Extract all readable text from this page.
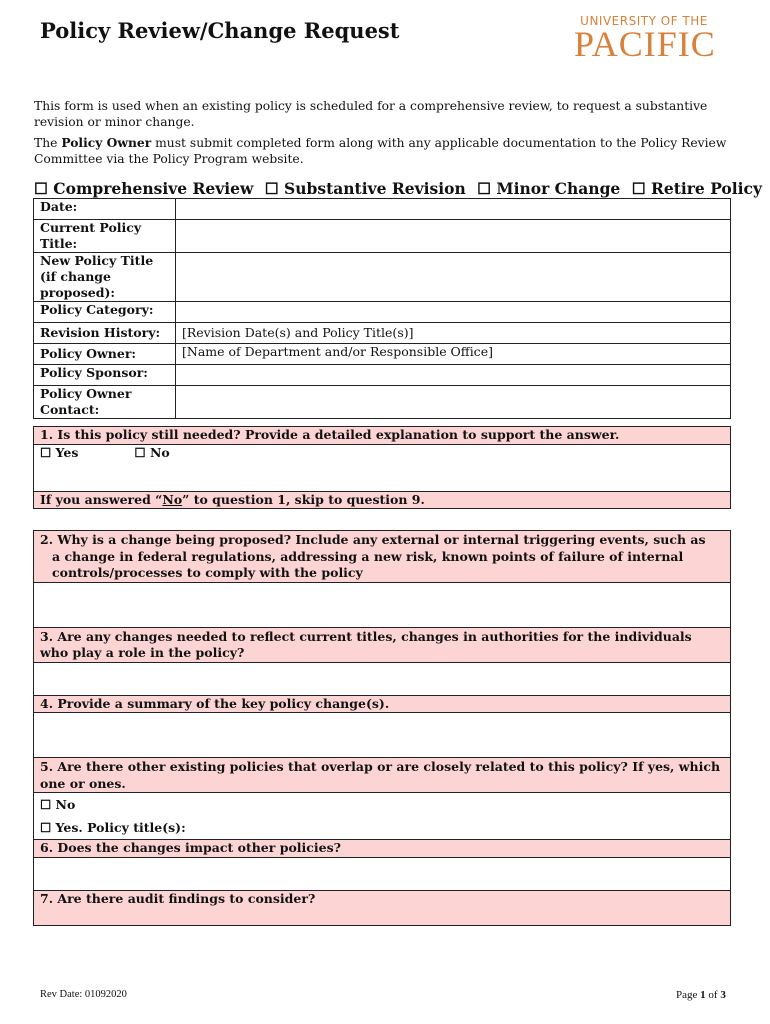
Policy Review/Change Request	UNIVERSITY OF THE
PACIFIC

This form is used when an existing policy is scheduled for a comprehensive review, to request a substantive revision or minor change.

The Policy Owner must submit completed form along with any applicable documentation to the Policy Review Committee via the Policy Program website.

☐ Comprehensive Review ☐ Substantive Revision ☐ Minor Change ☐ Retire Policy
Date:	
Current Policy Title:	
New Policy Title (if change proposed):	
Policy Category:	
Revision History:	[Revision Date(s) and Policy Title(s)]
Policy Owner:	[Name of Department and/or Responsible Office]
Policy Sponsor:	
Policy Owner Contact:	
1. Is this policy still needed? Provide a detailed explanation to support the answer.
☐ Yes	☐ No
If you answered “No” to question 1, skip to question 9.
2. Why is a change being proposed? Include any external or internal triggering events, such as

a change in federal regulations, addressing a new risk, known points of failure of internal
controls/processes to comply with the policy

3. Are any changes needed to reflect current titles, changes in authorities for the individuals who play a role in the policy?

4. Provide a summary of the key policy change(s).

5. Are there other existing policies that overlap or are closely related to this policy? If yes, which one or ones.
☐ No
☐ Yes. Policy title(s):
6. Does the changes impact other policies?

7. Are there audit findings to consider?
Rev Date: 01092020	Page 1 of 3
